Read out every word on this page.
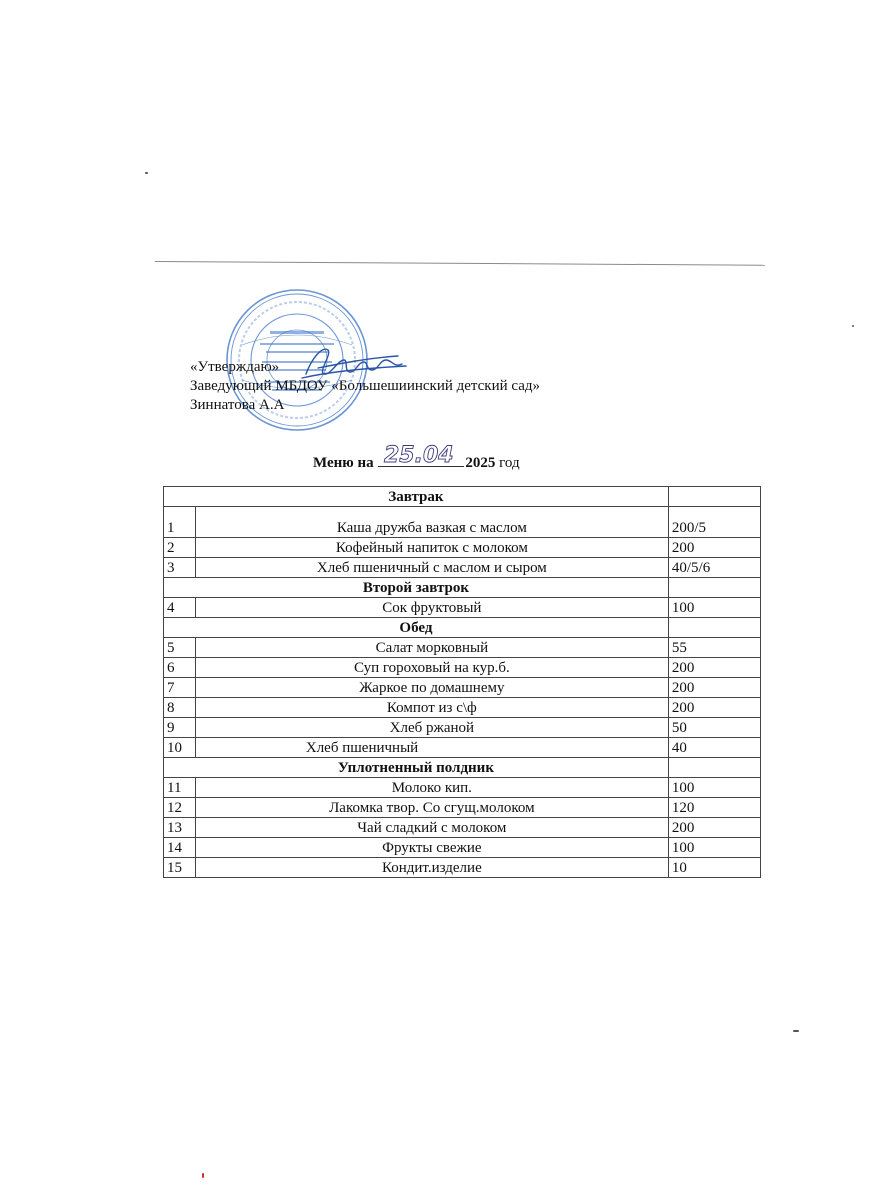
«Утверждаю»
Заведующий МБДОУ «Большешиинский детский сад»
Зиннатова А.А
Меню на 25.04 2025 год
Завтрак		
1	Каша дружба вазкая с маслом	200/5
2	Кофейный напиток с молоком	200
3	Хлеб пшеничный с маслом и сыром	40/5/6
Второй завтрок		
4	Сок фруктовый	100
Обед		
5	Салат морковный	55
6	Суп гороховый на кур.б.	200
7	Жаркое по домашнему	200
8	Компот из с\ф	200
9	Хлеб ржаной	50
10	Хлеб пшеничный	40
Уплотненный полдник		
11	Молоко кип.	100
12	Лакомка твор. Со сгущ.молоком	120
13	Чай сладкий с молоком	200
14	Фрукты свежие	100
15	Кондит.изделие	10
